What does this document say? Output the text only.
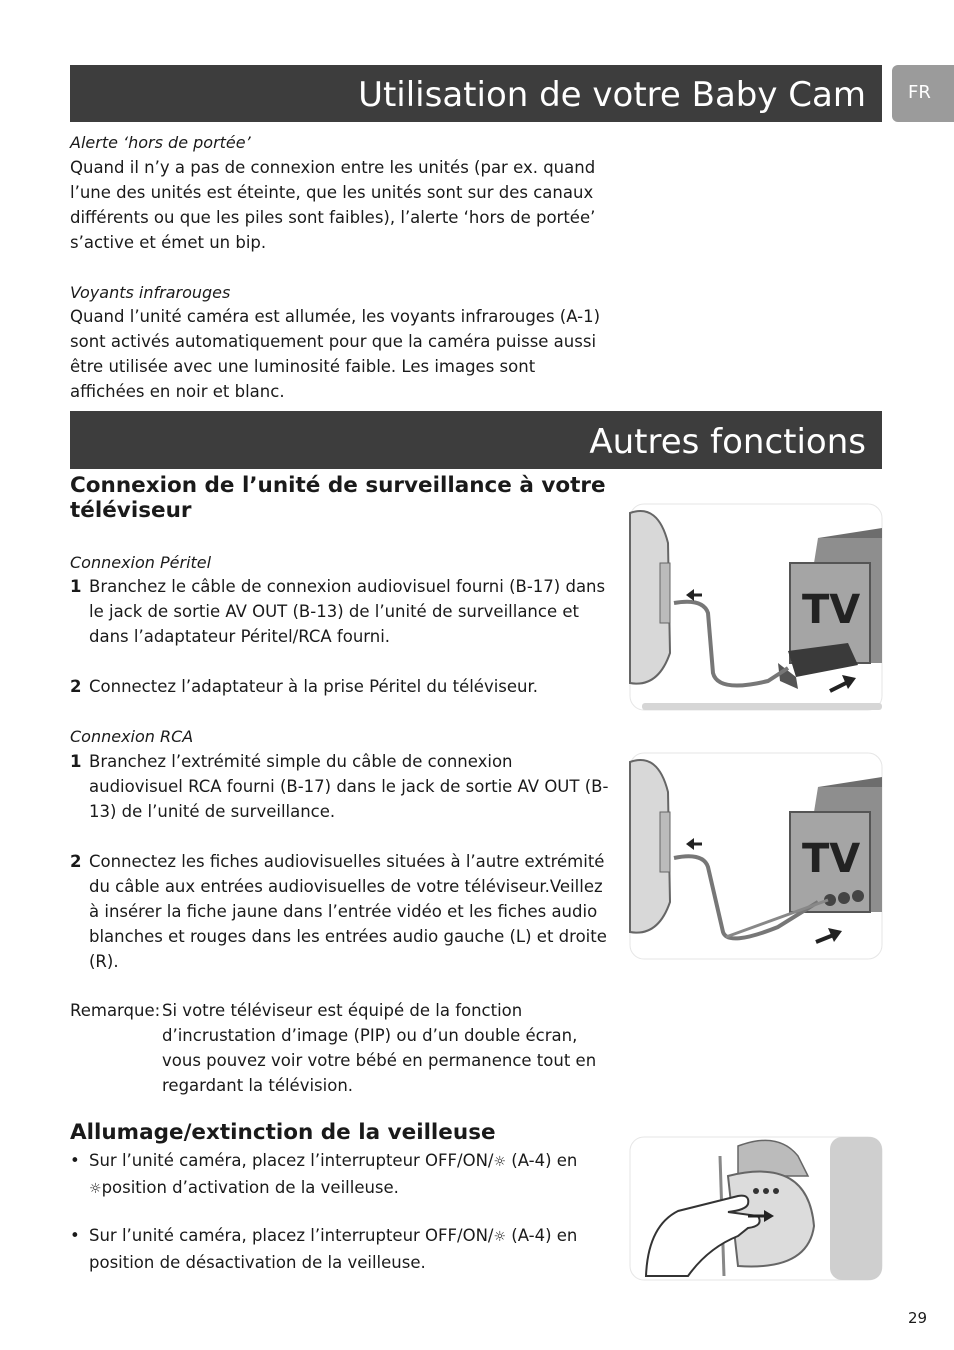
Utilisation de votre Baby Cam	FR
Alerte ‘hors de portée’

Quand il n’y a pas de connexion entre les unités (par ex. quand l’une des unités est éteinte, que les unités sont sur des canaux différents ou que les piles sont faibles), l’alerte ‘hors de portée’ s’active et émet un bip.

Voyants infrarouges

Quand l’unité caméra est allumée, les voyants infrarouges (A-1) sont activés automatiquement pour que la caméra puisse aussi être utilisée avec une luminosité faible. Les images sont affichées en noir et blanc.

Autres fonctions
Connexion de l’unité de surveillance à votre téléviseur
Connexion Péritel
1 Branchez le câble de connexion audiovisuel fourni (B-17) dans le jack de sortie AV OUT (B-13) de l’unité de surveillance et dans l’adaptateur Péritel/RCA fourni.

2 Connectez l’adaptateur à la prise Péritel du téléviseur.

Connexion RCA
1 Branchez l’extrémité simple du câble de connexion audiovisuel RCA fourni (B-17) dans le jack de sortie AV OUT (B-13) de l’unité de surveillance.

2 Connectez les fiches audiovisuelles situées à l’autre extrémité du câble aux entrées audiovisuelles de votre téléviseur.Veillez à insérer la fiche jaune dans l’entrée vidéo et les fiches audio blanches et rouges dans les entrées audio gauche (L) et droite (R).

Remarque: Si votre téléviseur est équipé de la fonction d’incrustation d’image (PIP) ou d’un double écran, vous pouvez voir votre bébé en permanence tout en regardant la télévision.

Allumage/extinction de la veilleuse
• Sur l’unité caméra, placez l’interrupteur OFF/ON/☼ (A-4) en
☼position d’activation de la veilleuse.

• Sur l’unité caméra, placez l’interrupteur OFF/ON/☼ (A-4) en position de désactivation de la veilleuse.

TV
TV
29
